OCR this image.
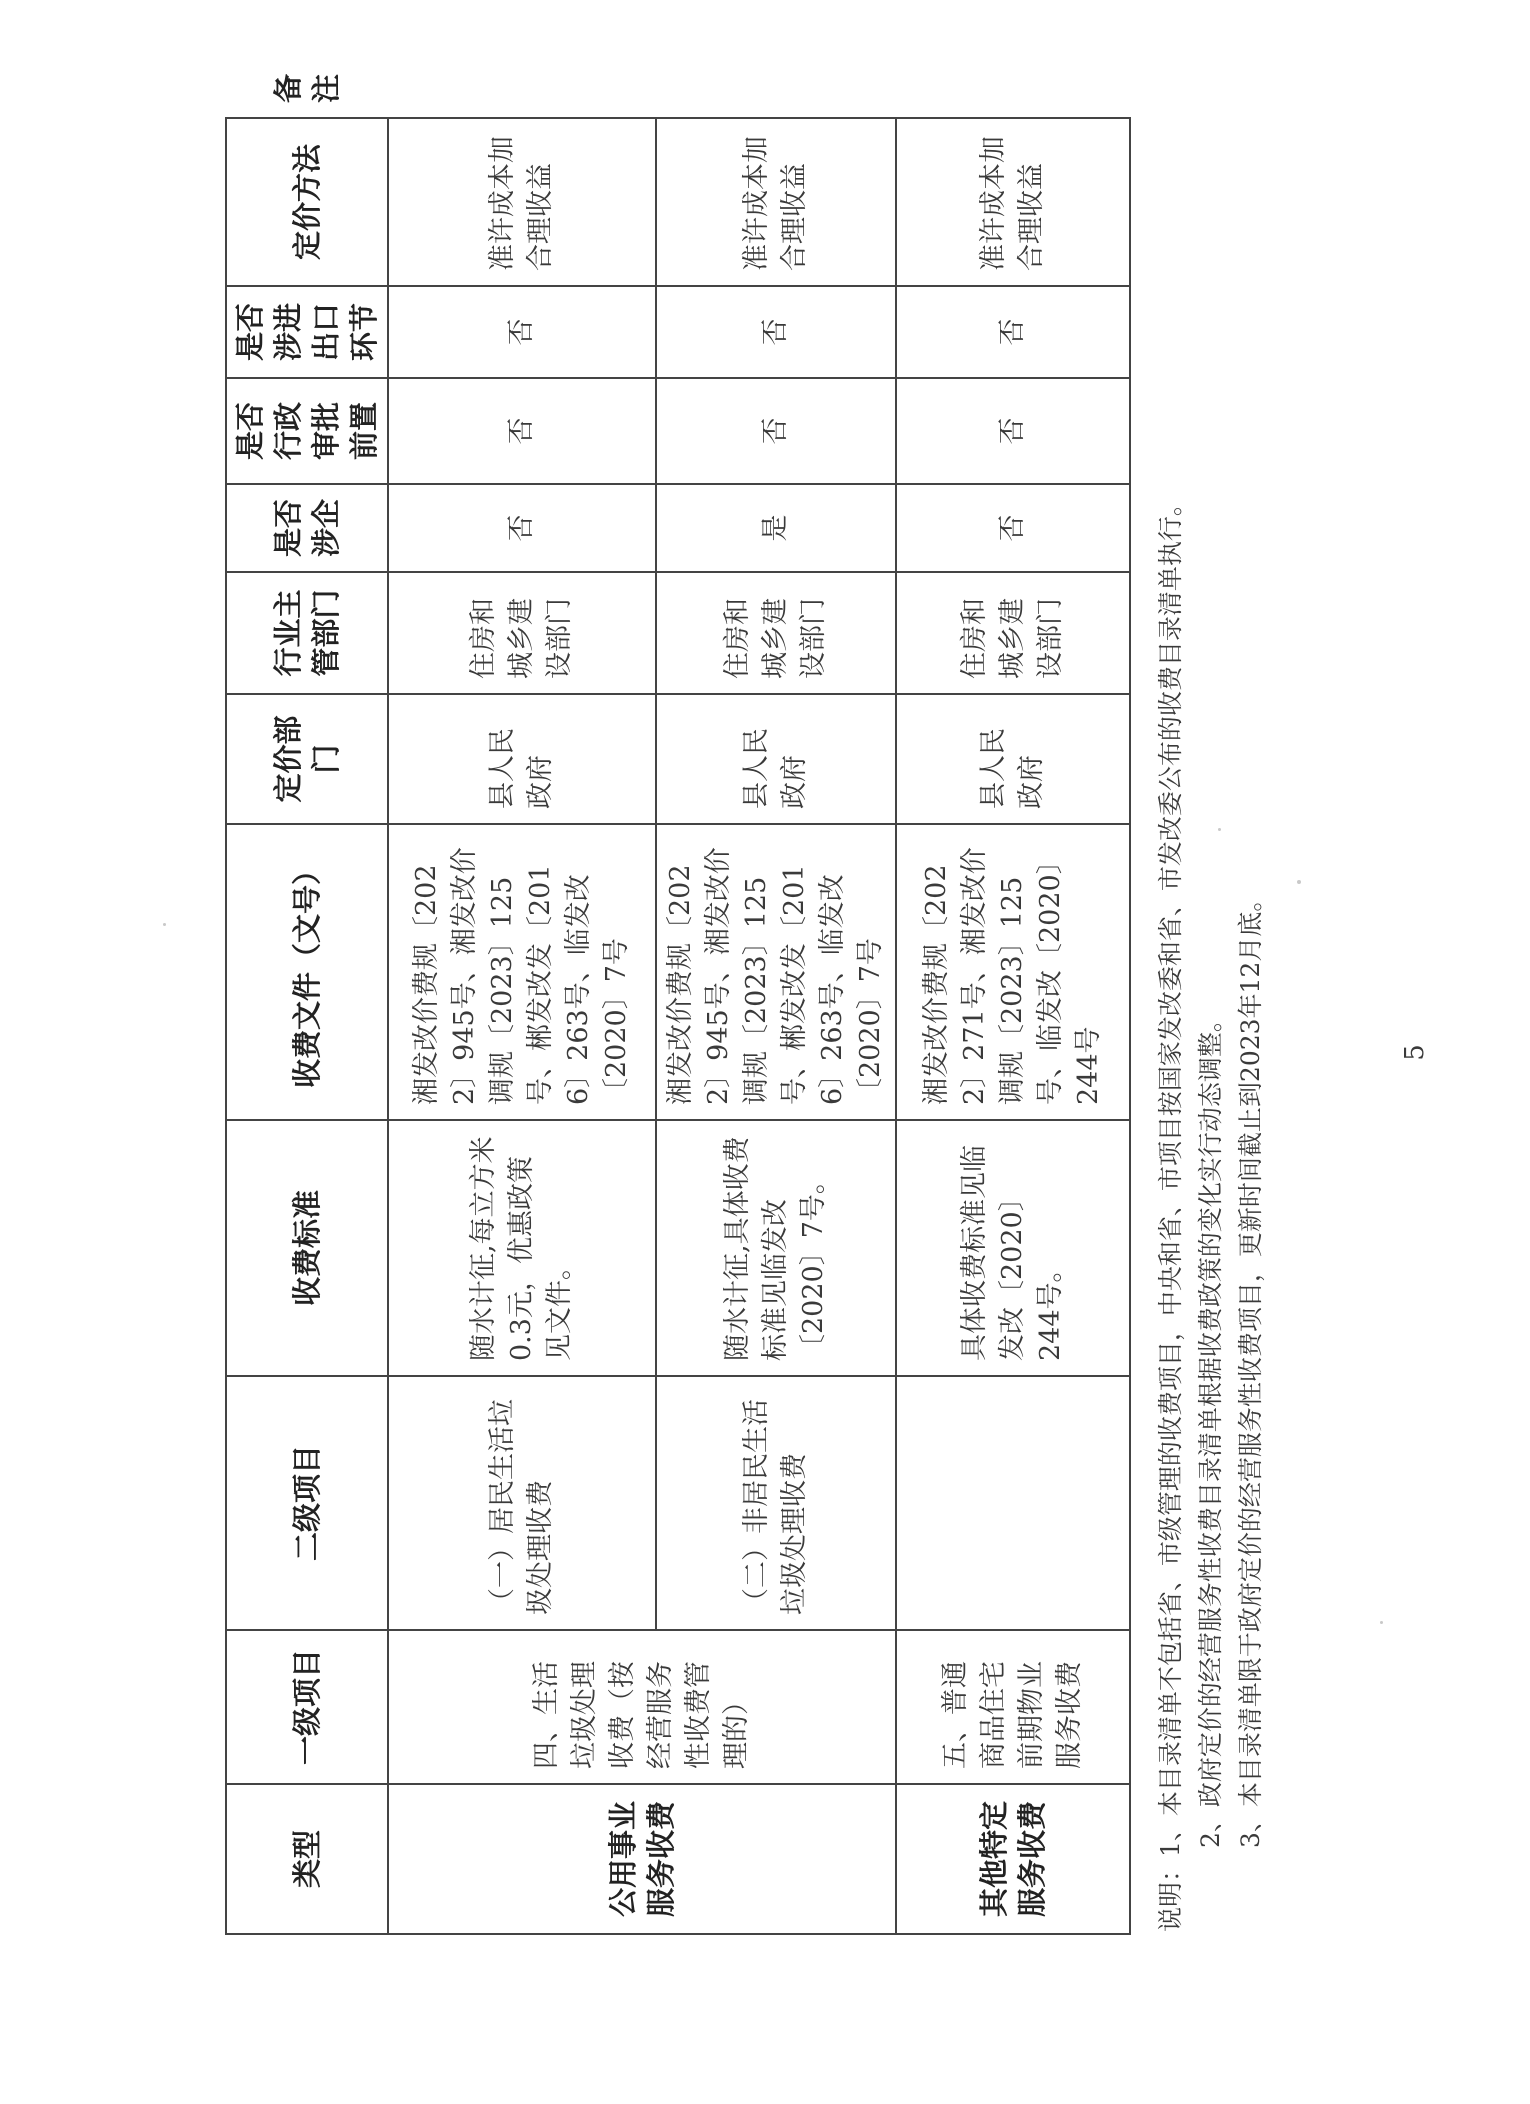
类型	一级项目	二级项目	收费标准	收费文件（文号）	定价部门	行业主管部门	是否涉企	是否行政审批前置	是否涉进出口环节	定价方法	备注
公用事业服务收费	四、生活垃圾处理收费（按经营服务性收费管理的）	（一）居民生活垃圾处理收费	随水计征,每立方米0.3元，优惠政策见文件。	湘发改价费规〔2022〕945号、湘发改价调规〔2023〕125号、郴发改发〔2016〕263号、临发改〔2020〕7号	县人民政府	住房和城乡建设部门	否	否	否	准许成本加合理收益	
		（二）非居民生活垃圾处理收费	随水计征,具体收费标准见临发改〔2020〕7号。	湘发改价费规〔2022〕945号、湘发改价调规〔2023〕125号、郴发改发〔2016〕263号、临发改〔2020〕7号	县人民政府	住房和城乡建设部门	是	否	否	准许成本加合理收益	
其他特定服务收费	五、普通商品住宅前期物业服务收费		具体收费标准见临发改〔2020〕244号。	湘发改价费规〔2022〕271号、湘发改价调规〔2023〕125号、临发改〔2020〕244号	县人民政府	住房和城乡建设部门	否	否	否	准许成本加合理收益	

说明：1、本目录清单不包括省、市级管理的收费项目，中央和省、市项目按国家发改委和省、市发改委公布的收费目录清单执行。 2、政府定价的经营服务性收费目录清单根据收费政策的变化实行动态调整。 3、本目录清单限于政府定价的经营服务性收费项目，更新时间截止到2023年12月底。	5
